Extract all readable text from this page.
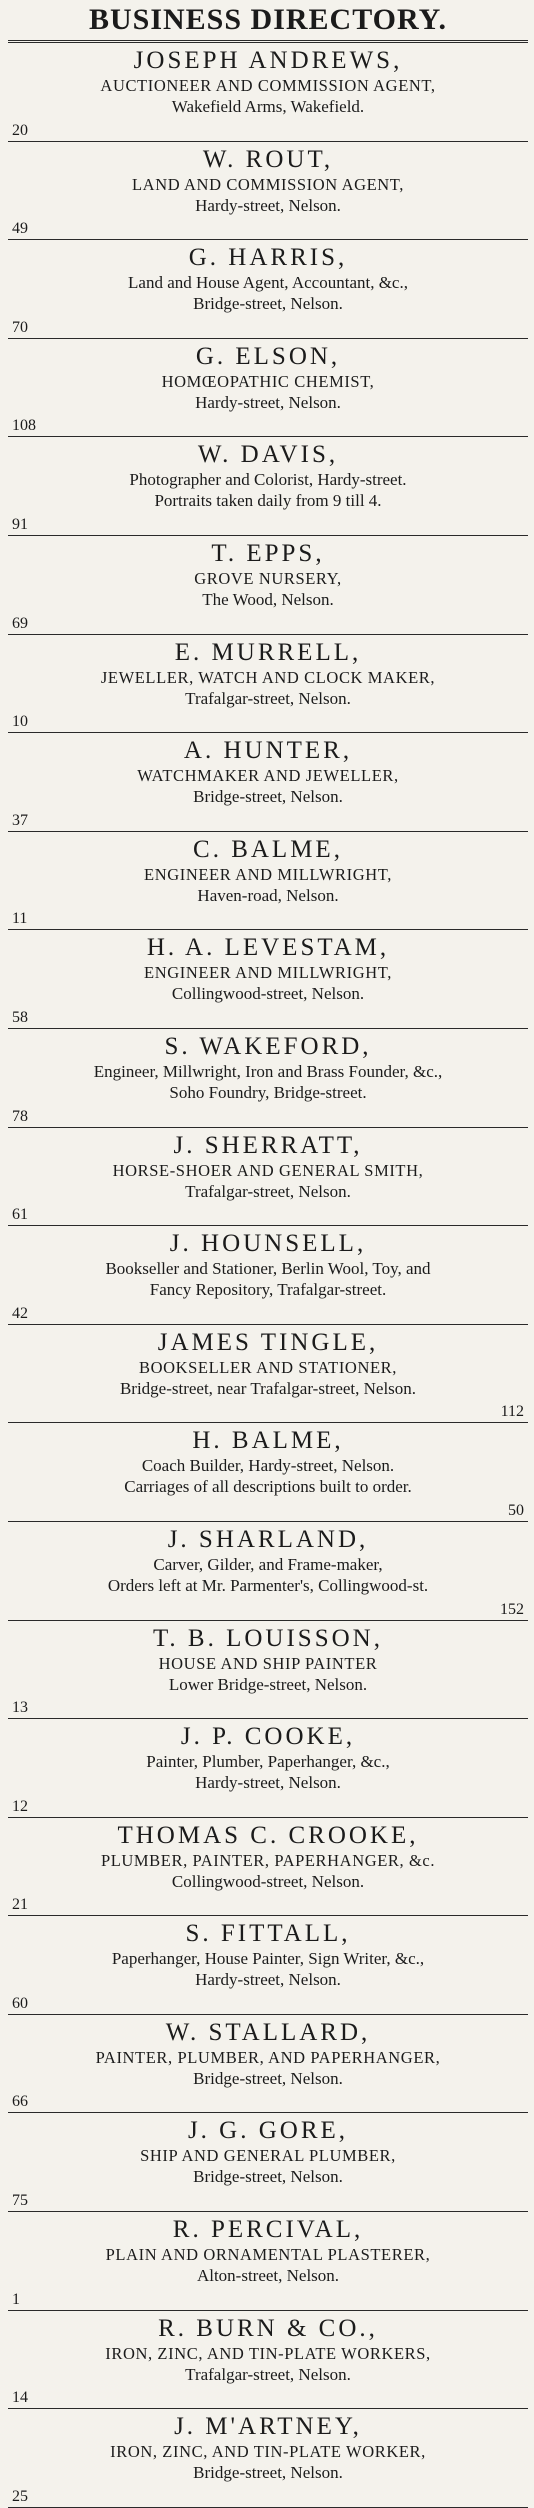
BUSINESS DIRECTORY.
JOSEPH ANDREWS,
AUCTIONEER AND COMMISSION AGENT,
Wakefield Arms, Wakefield.
20
W. ROUT,
LAND AND COMMISSION AGENT,
Hardy-street, Nelson.
49
G. HARRIS,
Land and House Agent, Accountant, &c.,
Bridge-street, Nelson.
70
G. ELSON,
HOMŒOPATHIC CHEMIST,
Hardy-street, Nelson.
108
W. DAVIS,
Photographer and Colorist, Hardy-street.
Portraits taken daily from 9 till 4.
91
T. EPPS,
GROVE NURSERY,
The Wood, Nelson.
69
E. MURRELL,
JEWELLER, WATCH AND CLOCK MAKER,
Trafalgar-street, Nelson.
10
A. HUNTER,
WATCHMAKER AND JEWELLER,
Bridge-street, Nelson.
37
C. BALME,
ENGINEER AND MILLWRIGHT,
Haven-road, Nelson.
11
H. A. LEVESTAM,
ENGINEER AND MILLWRIGHT,
Collingwood-street, Nelson.
58
S. WAKEFORD,
Engineer, Millwright, Iron and Brass Founder, &c.,
Soho Foundry, Bridge-street.
78
J. SHERRATT,
HORSE-SHOER AND GENERAL SMITH,
Trafalgar-street, Nelson.
61
J. HOUNSELL,
Bookseller and Stationer, Berlin Wool, Toy, and
Fancy Repository, Trafalgar-street.
42
JAMES TINGLE,
BOOKSELLER AND STATIONER,
Bridge-street, near Trafalgar-street, Nelson.
112
H. BALME,
Coach Builder, Hardy-street, Nelson.
Carriages of all descriptions built to order.
50
J. SHARLAND,
Carver, Gilder, and Frame-maker,
Orders left at Mr. Parmenter's, Collingwood-st.
152
T. B. LOUISSON,
HOUSE AND SHIP PAINTER
Lower Bridge-street, Nelson.
13
J. P. COOKE,
Painter, Plumber, Paperhanger, &c.,
Hardy-street, Nelson.
12
THOMAS C. CROOKE,
PLUMBER, PAINTER, PAPERHANGER, &c.
Collingwood-street, Nelson.
21
S. FITTALL,
Paperhanger, House Painter, Sign Writer, &c.,
Hardy-street, Nelson.
60
W. STALLARD,
PAINTER, PLUMBER, AND PAPERHANGER,
Bridge-street, Nelson.
66
J. G. GORE,
SHIP AND GENERAL PLUMBER,
Bridge-street, Nelson.
75
R. PERCIVAL,
PLAIN AND ORNAMENTAL PLASTERER,
Alton-street, Nelson.
1
R. BURN & CO.,
IRON, ZINC, AND TIN-PLATE WORKERS,
Trafalgar-street, Nelson.
14
J. M'ARTNEY,
IRON, ZINC, AND TIN-PLATE WORKER,
Bridge-street, Nelson.
25
